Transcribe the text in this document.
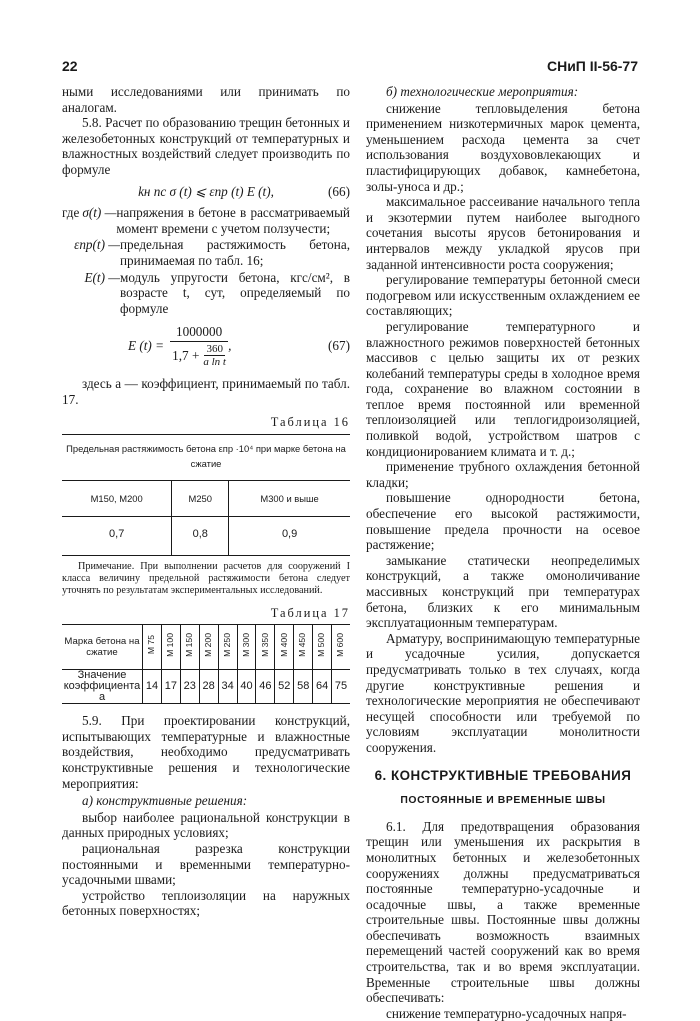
22	СНиП II-56-77

ными исследованиями или принимать по аналогам.

5.8. Расчет по образованию трещин бетонных и железобетонных конструкций от температурных и влажностных воздействий следует производить по формуле

kн nc σ (t) ⩽ εпр (t) E (t),	(66)
где σ(t) — напряжения в бетоне в рассматриваемый момент времени с учетом ползучести;
εпр(t) — предельная растяжимость бетона, принимаемая по табл. 16;
E(t) — модуль упругости бетона, кгс/см², в возрасте t, сут, определяемый по формуле
E $(t) = \frac{1000000}{1,7 + \frac{360}{\text{a ln t}}}$ ,	(67)

здесь a — коэффициент, принимаемый по табл. 17.

Таблица 16
Предельная растяжимость бетона εпр ·10⁴ при марке бетона на сжатие		
М150, М200	М250	М300 и выше
0,7	0,8	0,9

Примечание. При выполнении расчетов для сооружений I класса величину предельной растяжимости бетона следует уточнять по результатам экспериментальных исследований.

Таблица 17
Марка бетона на сжатие	М 75	М 100	М 150	М 200	М 250	М 300	М 350	М 400	М 450	М 500	М 600
Значение коэффициента a	14	17	23	28	34	40	46	52	58	64	75

5.9. При проектировании конструкций, испытывающих температурные и влажностные воздействия, необходимо предусматривать конструктивные решения и технологические мероприятия:

а) конструктивные решения:

выбор наиболее рациональной конструкции в данных природных условиях;

рациональная разрезка конструкции постоянными и временными температурно-усадочными швами;

устройство теплоизоляции на наружных бетонных поверхностях;

б) технологические мероприятия:

снижение тепловыделения бетона применением низкотермичных марок цемента, уменьшением расхода цемента за счет использования воздухововлекающих и пластифицирующих добавок, камнебетона, золы-уноса и др.;

максимальное рассеивание начального тепла и экзотермии путем наиболее выгодного сочетания высоты ярусов бетонирования и интервалов между укладкой ярусов при заданной интенсивности роста сооружения;

регулирование температуры бетонной смеси подогревом или искусственным охлаждением ее составляющих;

регулирование температурного и влажностного режимов поверхностей бетонных массивов с целью защиты их от резких колебаний температуры среды в холодное время года, сохранение во влажном состоянии в теплое время постоянной или временной теплоизоляцией или теплогидроизоляцией, поливкой водой, устройством шатров с кондиционированием климата и т. д.;

применение трубного охлаждения бетонной кладки;

повышение однородности бетона, обеспечение его высокой растяжимости, повышение предела прочности на осевое растяжение;

замыкание статически неопределимых конструкций, а также омоноличивание массивных конструкций при температурах бетона, близких к его минимальным эксплуатационным температурам.

Арматуру, воспринимающую температурные и усадочные усилия, допускается предусматривать только в тех случаях, когда другие конструктивные решения и технологические мероприятия не обеспечивают несущей способности или требуемой по условиям эксплуатации монолитности сооружения.

6. КОНСТРУКТИВНЫЕ ТРЕБОВАНИЯ
ПОСТОЯННЫЕ И ВРЕМЕННЫЕ ШВЫ

6.1. Для предотвращения образования трещин или уменьшения их раскрытия в монолитных бетонных и железобетонных сооружениях должны предусматриваться постоянные температурно-усадочные и осадочные швы, а также временные строительные швы. Постоянные швы должны обеспечивать возможность взаимных перемещений частей сооружений как во время строительства, так и во время эксплуатации. Временные строительные швы должны обеспечивать:

снижение температурно-усадочных напря-
